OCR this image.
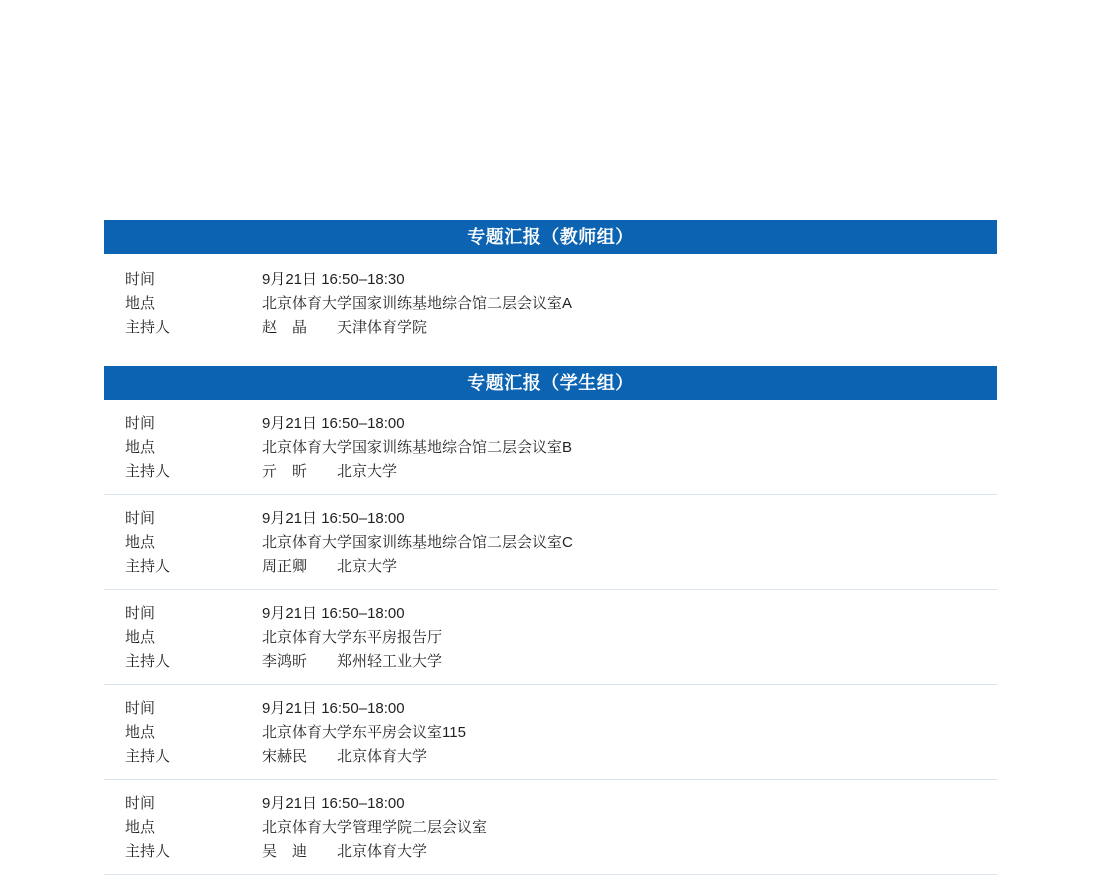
专题汇报（教师组）
时间	9月21日 16:50–18:30
地点	北京体育大学国家训练基地综合馆二层会议室A
主持人	赵　晶　　天津体育学院
专题汇报（学生组）
时间	9月21日 16:50–18:00
地点	北京体育大学国家训练基地综合馆二层会议室B
主持人	亓　昕　　北京大学
时间	9月21日 16:50–18:00
地点	北京体育大学国家训练基地综合馆二层会议室C
主持人	周正卿　　北京大学
时间	9月21日 16:50–18:00
地点	北京体育大学东平房报告厅
主持人	李鸿昕　　郑州轻工业大学
时间	9月21日 16:50–18:00
地点	北京体育大学东平房会议室115
主持人	宋赫民　　北京体育大学
时间	9月21日 16:50–18:00
地点	北京体育大学管理学院二层会议室
主持人	吴　迪　　北京体育大学
